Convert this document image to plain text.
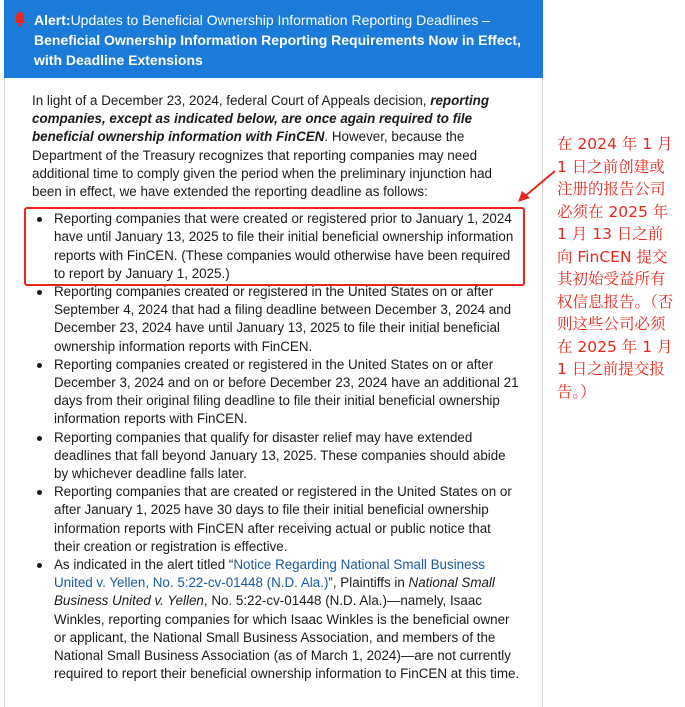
Alert:Updates to Beneficial Ownership Information Reporting Deadlines – Beneficial Ownership Information Reporting Requirements Now in Effect, with Deadline Extensions

In light of a December 23, 2024, federal Court of Appeals decision, reporting companies, except as indicated below, are once again required to file beneficial ownership information with FinCEN. However, because the Department of the Treasury recognizes that reporting companies may need additional time to comply given the period when the preliminary injunction had been in effect, we have extended the reporting deadline as follows:

Reporting companies that were created or registered prior to January 1, 2024 have until January 13, 2025 to file their initial beneficial ownership information reports with FinCEN. (These companies would otherwise have been required to report by January 1, 2025.)
Reporting companies created or registered in the United States on or after September 4, 2024 that had a filing deadline between December 3, 2024 and December 23, 2024 have until January 13, 2025 to file their initial beneficial ownership information reports with FinCEN.
Reporting companies created or registered in the United States on or after December 3, 2024 and on or before December 23, 2024 have an additional 21 days from their original filing deadline to file their initial beneficial ownership information reports with FinCEN.
Reporting companies that qualify for disaster relief may have extended deadlines that fall beyond January 13, 2025. These companies should abide by whichever deadline falls later.
Reporting companies that are created or registered in the United States on or after January 1, 2025 have 30 days to file their initial beneficial ownership information reports with FinCEN after receiving actual or public notice that their creation or registration is effective.
As indicated in the alert titled “Notice Regarding National Small Business United v. Yellen, No. 5:22-cv-01448 (N.D. Ala.)”, Plaintiffs in National Small Business United v. Yellen, No. 5:22-cv-01448 (N.D. Ala.)—namely, Isaac Winkles, reporting companies for which Isaac Winkles is the beneficial owner or applicant, the National Small Business Association, and members of the National Small Business Association (as of March 1, 2024)—are not currently required to report their beneficial ownership information to FinCEN at this time.
在 2024 年 1 月 1 日之前创建或注册的报告公司必须在 2025 年 1 月 13 日之前向 FinCEN 提交其初始受益所有权信息报告。（否则这些公司必须在 2025 年 1 月 1 日之前提交报告。）
